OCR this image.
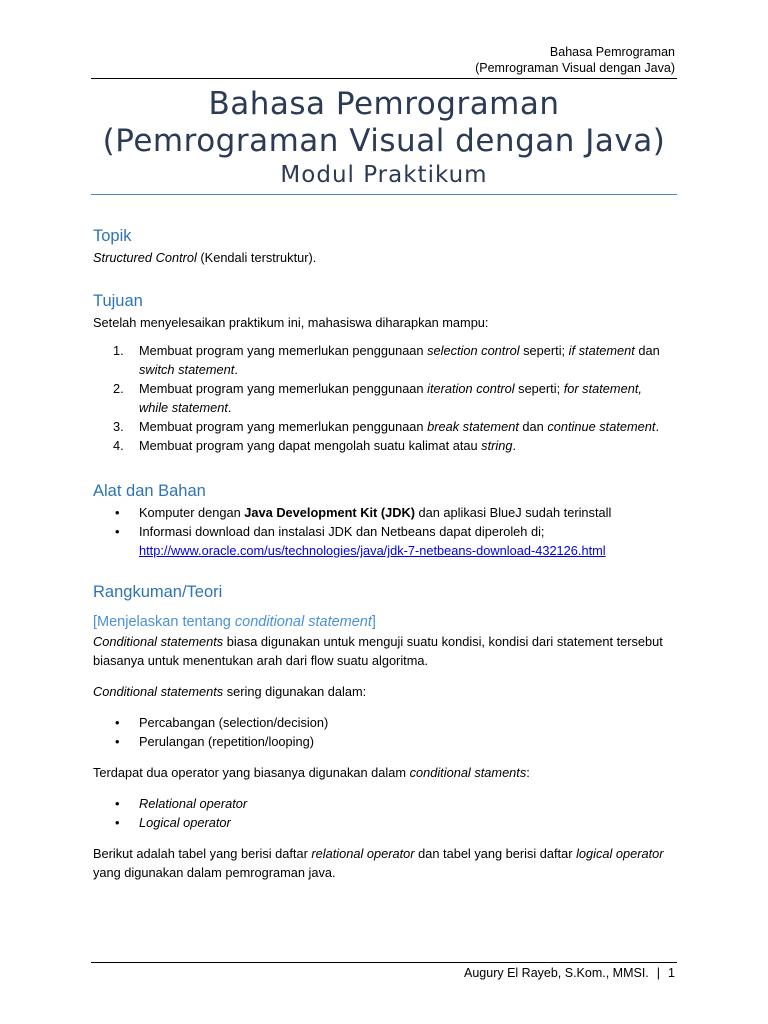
Bahasa Pemrograman
(Pemrograman Visual dengan Java)
Bahasa Pemrograman
(Pemrograman Visual dengan Java)
Modul Praktikum
Topik

Structured Control (Kendali terstruktur).

Tujuan

Setelah menyelesaikan praktikum ini, mahasiswa diharapkan mampu:

1. Membuat program yang memerlukan penggunaan selection control seperti; if statement dan
switch statement.
2. Membuat program yang memerlukan penggunaan iteration control seperti; for statement,
while statement.
3. Membuat program yang memerlukan penggunaan break statement dan continue statement.
4. Membuat program yang dapat mengolah suatu kalimat atau string.
Alat dan Bahan
• Komputer dengan Java Development Kit (JDK) dan aplikasi BlueJ sudah terinstall
• Informasi download dan instalasi JDK dan Netbeans dapat diperoleh di;
http://www.oracle.com/us/technologies/java/jdk-7-netbeans-download-432126.html
Rangkuman/Teori
[Menjelaskan tentang conditional statement]

Conditional statements biasa digunakan untuk menguji suatu kondisi, kondisi dari statement tersebut biasanya untuk menentukan arah dari flow suatu algoritma.

Conditional statements sering digunakan dalam:

• Percabangan (selection/decision)
• Perulangan (repetition/looping)

Terdapat dua operator yang biasanya digunakan dalam conditional staments:

• Relational operator
• Logical operator

Berikut adalah tabel yang berisi daftar relational operator dan tabel yang berisi daftar logical operator yang digunakan dalam pemrograman java.

Augury El Rayeb, S.Kom., MMSI. | 1
